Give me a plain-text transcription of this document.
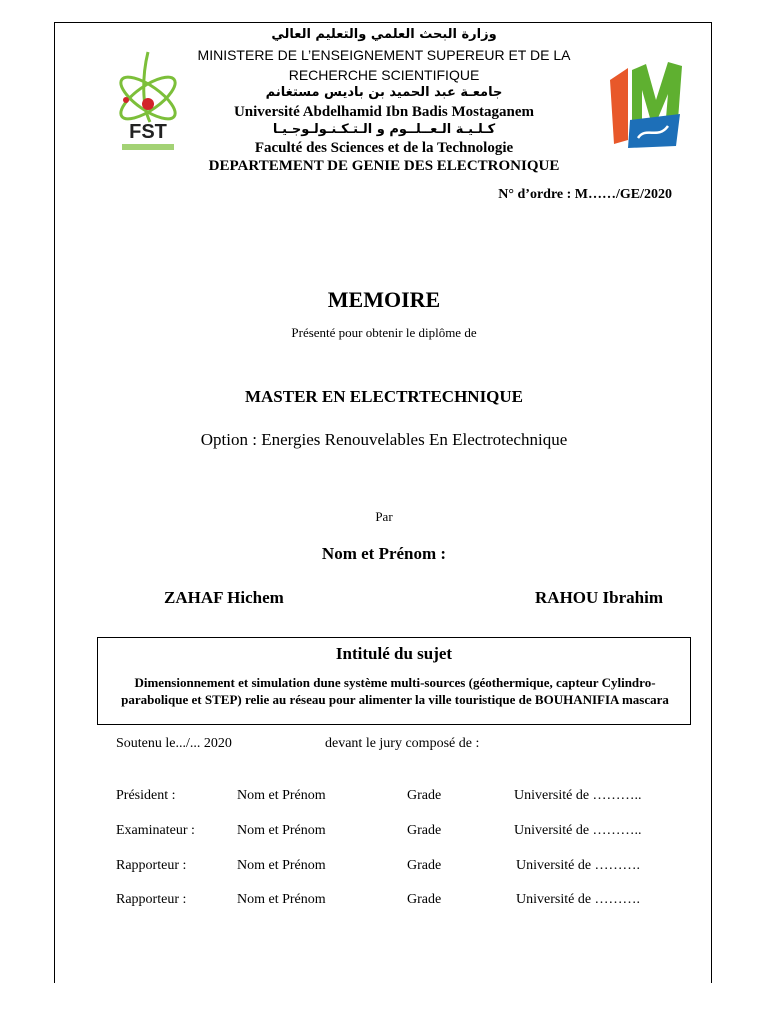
FST
وزارة البحث العلمي والتعليم العالي
MINISTERE DE L’ENSEIGNEMENT SUPEREUR ET DE LA
RECHERCHE SCIENTIFIQUE
جامعـة عبد الحميد بن باديس مستغانم
Université Abdelhamid Ibn Badis Mostaganem
كـلـيـة الـعــلــوم و الـتـكـنـولـوجـيـا
Faculté des Sciences et de la Technologie
DEPARTEMENT DE GENIE DES ELECTRONIQUE
N° d’ordre : M……/GE/2020
MEMOIRE
Présenté pour obtenir le diplôme de
MASTER EN ELECTRTECHNIQUE
Option : Energies Renouvelables En Electrotechnique
Par
Nom et Prénom :
ZAHAF Hichem	RAHOU Ibrahim
Intitulé du sujet
Dimensionnement et simulation dune système multi-sources (géothermique, capteur Cylindro-parabolique et STEP) relie au réseau pour alimenter la ville touristique de BOUHANIFIA mascara
Soutenu le.../... 2020	devant le jury composé de :
Président :	Nom et Prénom	Grade	Université de ………..
Examinateur :	Nom et Prénom	Grade	Université de ………..
Rapporteur :	Nom et Prénom	Grade	Université de ……….
Rapporteur :	Nom et Prénom	Grade	Université de ……….
